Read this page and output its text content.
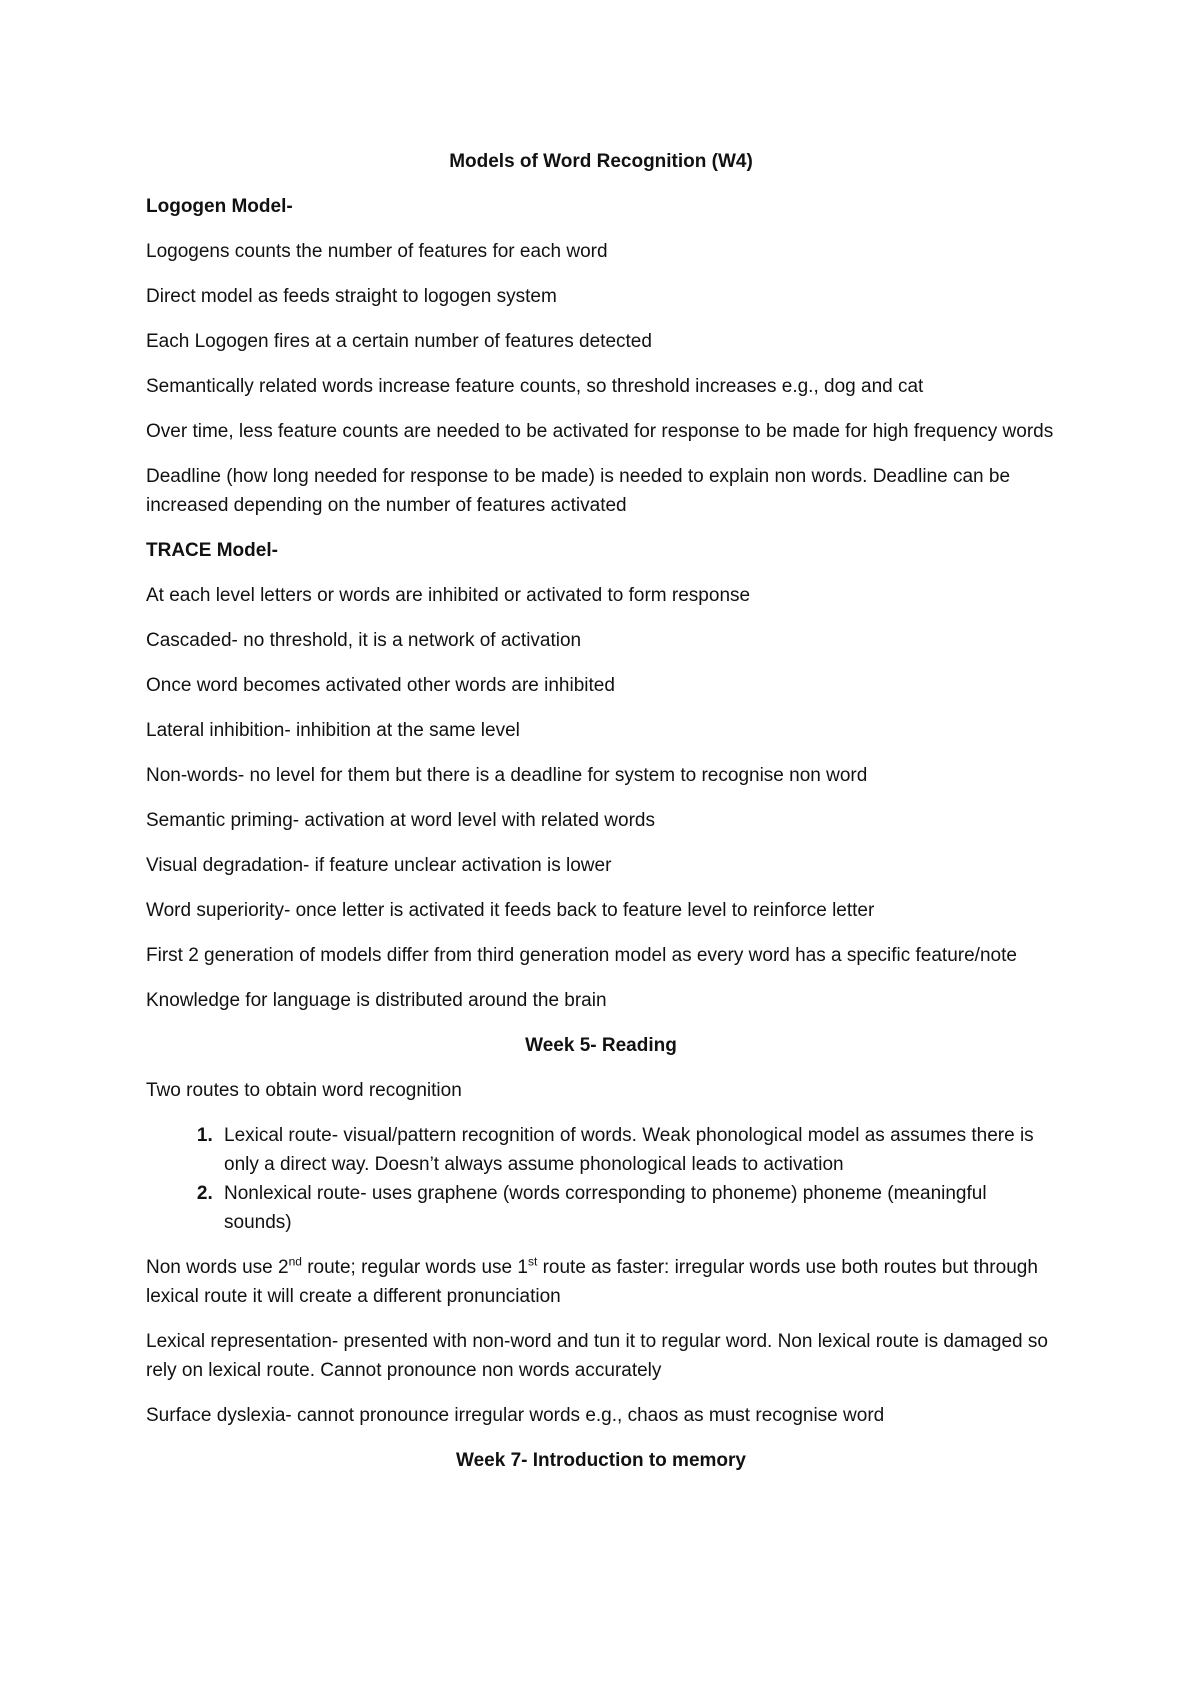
Models of Word Recognition (W4)
Logogen Model-

Logogens counts the number of features for each word

Direct model as feeds straight to logogen system

Each Logogen fires at a certain number of features detected

Semantically related words increase feature counts, so threshold increases e.g., dog and cat

Over time, less feature counts are needed to be activated for response to be made for high frequency words

Deadline (how long needed for response to be made) is needed to explain non words. Deadline can be increased depending on the number of features activated

TRACE Model-

At each level letters or words are inhibited or activated to form response

Cascaded- no threshold, it is a network of activation

Once word becomes activated other words are inhibited

Lateral inhibition- inhibition at the same level

Non-words- no level for them but there is a deadline for system to recognise non word

Semantic priming- activation at word level with related words

Visual degradation- if feature unclear activation is lower

Word superiority- once letter is activated it feeds back to feature level to reinforce letter

First 2 generation of models differ from third generation model as every word has a specific feature/note

Knowledge for language is distributed around the brain

Week 5- Reading

Two routes to obtain word recognition

1. Lexical route- visual/pattern recognition of words. Weak phonological model as assumes there is only a direct way. Doesn’t always assume phonological leads to activation
2. Nonlexical route- uses graphene (words corresponding to phoneme) phoneme (meaningful sounds)

Non words use 2nd route; regular words use 1st route as faster: irregular words use both routes but through lexical route it will create a different pronunciation

Lexical representation- presented with non-word and tun it to regular word. Non lexical route is damaged so rely on lexical route. Cannot pronounce non words accurately

Surface dyslexia- cannot pronounce irregular words e.g., chaos as must recognise word

Week 7- Introduction to memory
